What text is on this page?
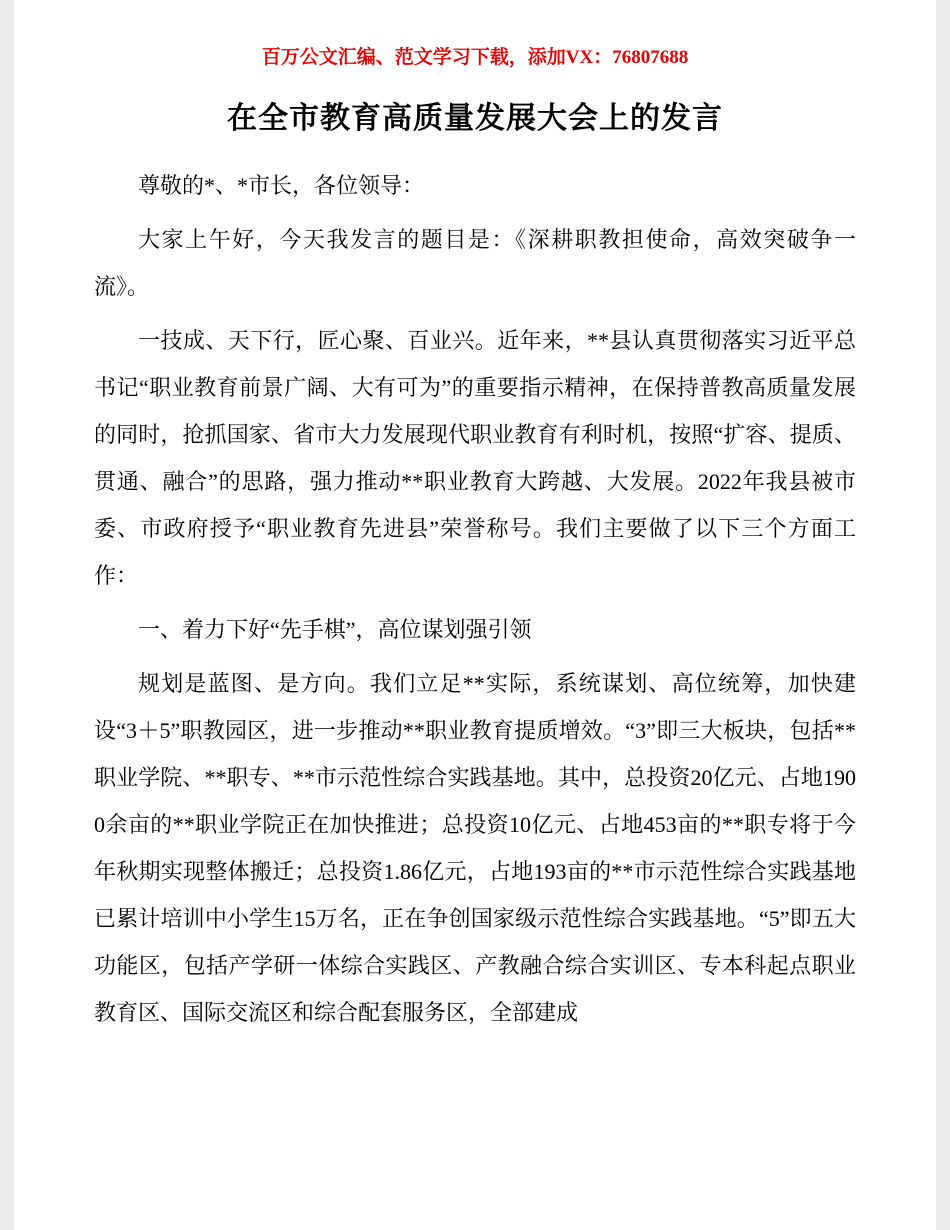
百万公文汇编、范文学习下载，添加VX：76807688
在全市教育高质量发展大会上的发言

尊敬的*、*市长，各位领导：

大家上午好，今天我发言的题目是：《深耕职教担使命，高效突破争一流》。

一技成、天下行，匠心聚、百业兴。近年来，**县认真贯彻落实习近平总书记“职业教育前景广阔、大有可为”的重要指示精神，在保持普教高质量发展的同时，抢抓国家、省市大力发展现代职业教育有利时机，按照“扩容、提质、贯通、融合”的思路，强力推动**职业教育大跨越、大发展。2022年我县被市委、市政府授予“职业教育先进县”荣誉称号。我们主要做了以下三个方面工作：

一、着力下好“先手棋”，高位谋划强引领

规划是蓝图、是方向。我们立足**实际，系统谋划、高位统筹，加快建设“3＋5”职教园区，进一步推动**职业教育提质增效。“3”即三大板块，包括**职业学院、**职专、**市示范性综合实践基地。其中，总投资20亿元、占地1900余亩的**职业学院正在加快推进；总投资10亿元、占地453亩的**职专将于今年秋期实现整体搬迁；总投资1.86亿元，占地193亩的**市示范性综合实践基地已累计培训中小学生15万名，正在争创国家级示范性综合实践基地。“5”即五大功能区，包括产学研一体综合实践区、产教融合综合实训区、专本科起点职业教育区、国际交流区和综合配套服务区，全部建成
